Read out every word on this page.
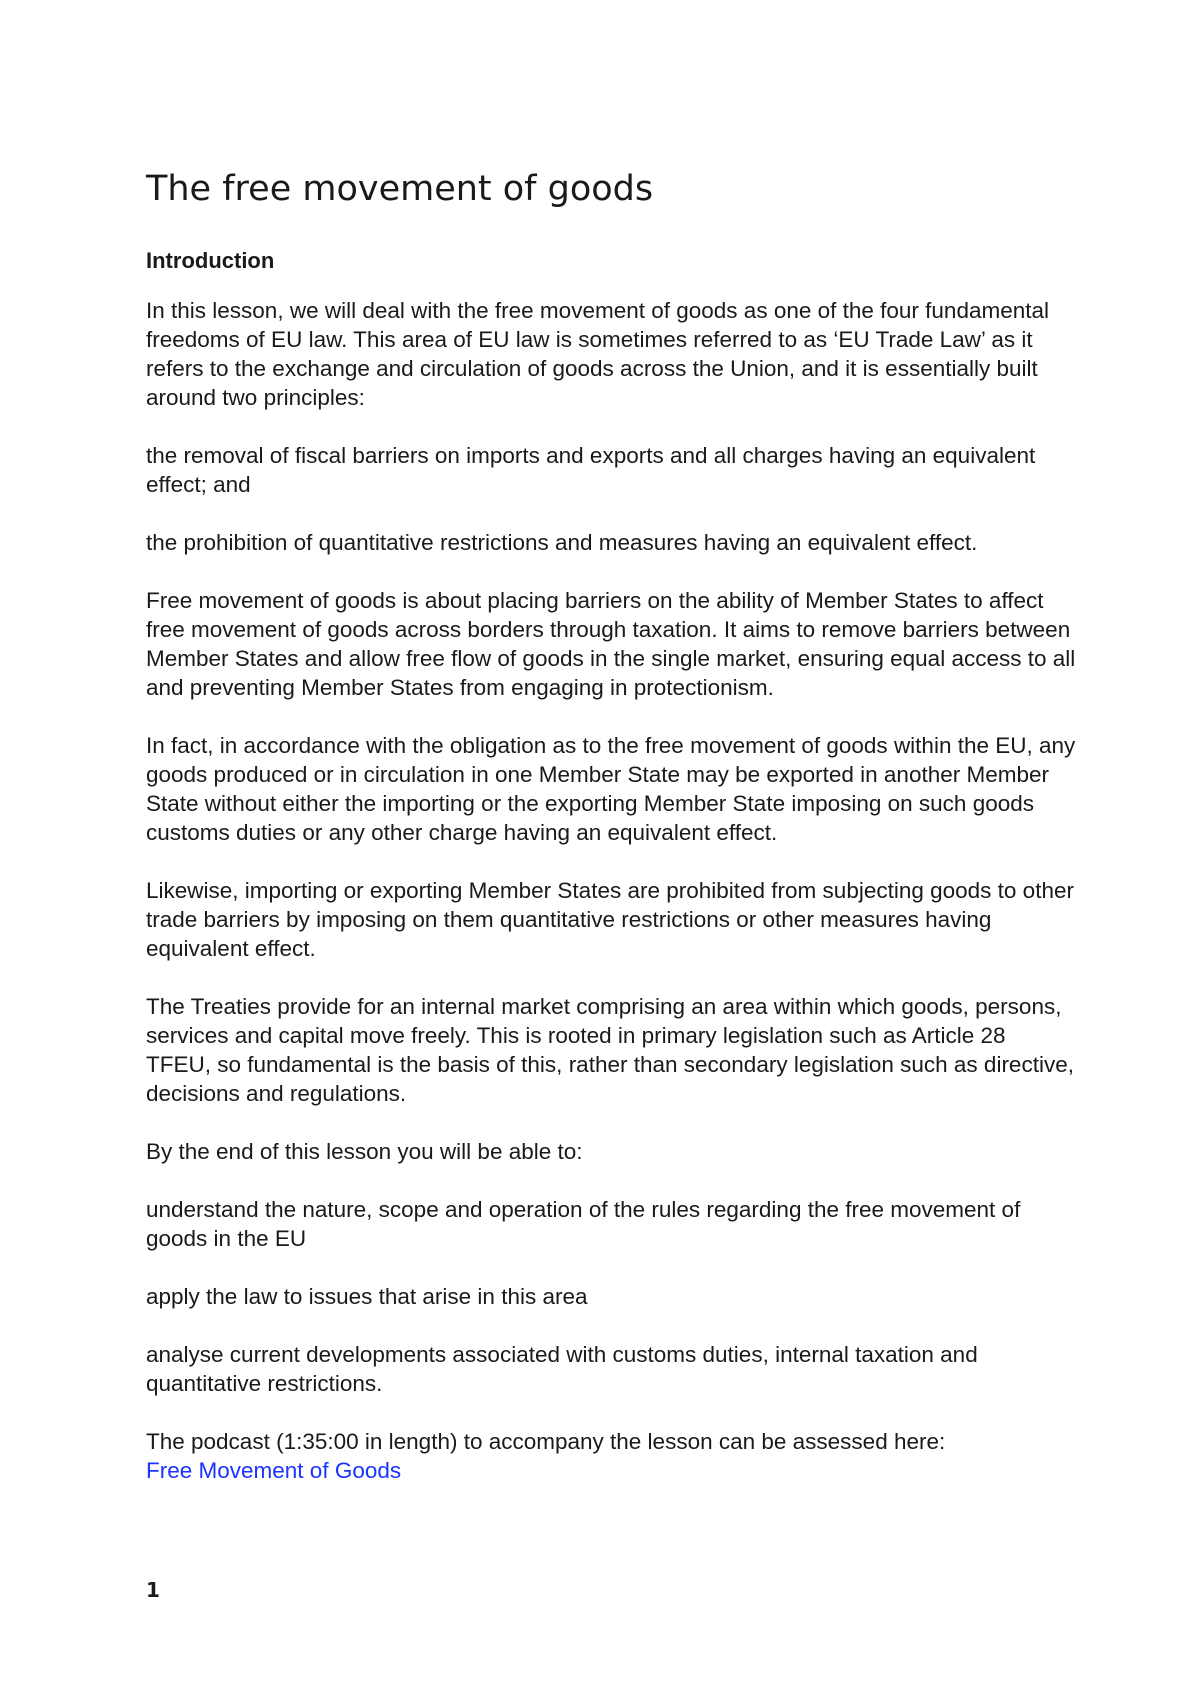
The free movement of goods
Introduction

In this lesson, we will deal with the free movement of goods as one of the four fundamental freedoms of EU law. This area of EU law is sometimes referred to as ‘EU Trade Law’ as it refers to the exchange and circulation of goods across the Union, and it is essentially built around two principles:

the removal of fiscal barriers on imports and exports and all charges having an equivalent effect; and

the prohibition of quantitative restrictions and measures having an equivalent effect.

Free movement of goods is about placing barriers on the ability of Member States to affect free movement of goods across borders through taxation. It aims to remove barriers between Member States and allow free flow of goods in the single market, ensuring equal access to all and preventing Member States from engaging in protectionism.

In fact, in accordance with the obligation as to the free movement of goods within the EU, any goods produced or in circulation in one Member State may be exported in another Member State without either the importing or the exporting Member State imposing on such goods customs duties or any other charge having an equivalent effect.

Likewise, importing or exporting Member States are prohibited from subjecting goods to other trade barriers by imposing on them quantitative restrictions or other measures having equivalent effect.

The Treaties provide for an internal market comprising an area within which goods, persons, services and capital move freely. This is rooted in primary legislation such as Article 28 TFEU, so fundamental is the basis of this, rather than secondary legislation such as directive, decisions and regulations.

By the end of this lesson you will be able to:

understand the nature, scope and operation of the rules regarding the free movement of goods in the EU

apply the law to issues that arise in this area

analyse current developments associated with customs duties, internal taxation and quantitative restrictions.

The podcast (1:35:00 in length) to accompany the lesson can be assessed here:
Free Movement of Goods

1
